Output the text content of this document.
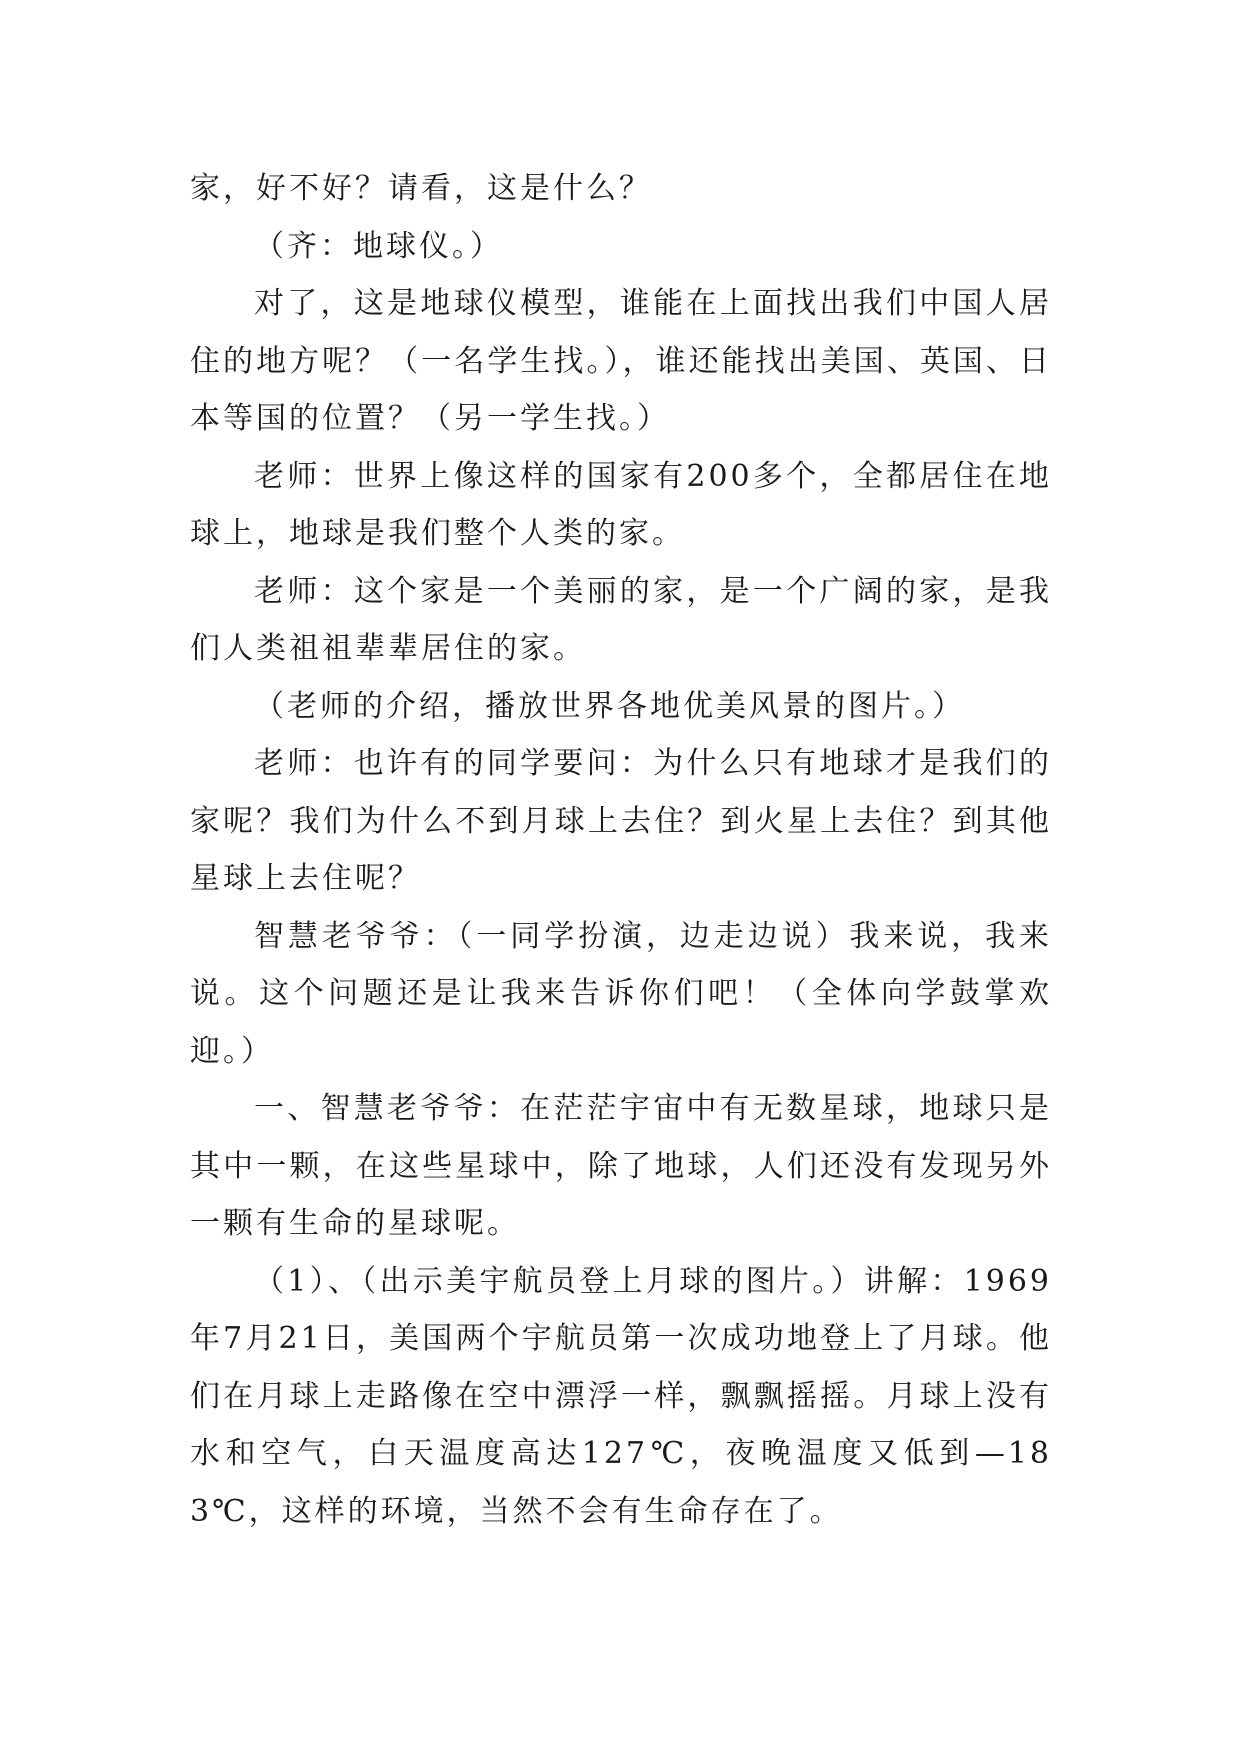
家，好不好？请看，这是什么？

（齐：地球仪。）

对了，这是地球仪模型，谁能在上面找出我们中国人居住的地方呢？（一名学生找。），谁还能找出美国、英国、日本等国的位置？（另一学生找。）

老师：世界上像这样的国家有200多个，全都居住在地球上，地球是我们整个人类的家。

老师：这个家是一个美丽的家，是一个广阔的家，是我们人类祖祖辈辈居住的家。

（老师的介绍，播放世界各地优美风景的图片。）

老师：也许有的同学要问：为什么只有地球才是我们的家呢？我们为什么不到月球上去住？到火星上去住？到其他星球上去住呢？

智慧老爷爷：（一同学扮演，边走边说）我来说，我来说。这个问题还是让我来告诉你们吧！（全体向学鼓掌欢迎。）

一、智慧老爷爷：在茫茫宇宙中有无数星球，地球只是其中一颗，在这些星球中，除了地球，人们还没有发现另外一颗有生命的星球呢。

（1）、（出示美宇航员登上月球的图片。）讲解：1969年7月21日，美国两个宇航员第一次成功地登上了月球。他们在月球上走路像在空中漂浮一样，飘飘摇摇。月球上没有水和空气，白天温度高达127℃，夜晚温度又低到—183℃，这样的环境，当然不会有生命存在了。
